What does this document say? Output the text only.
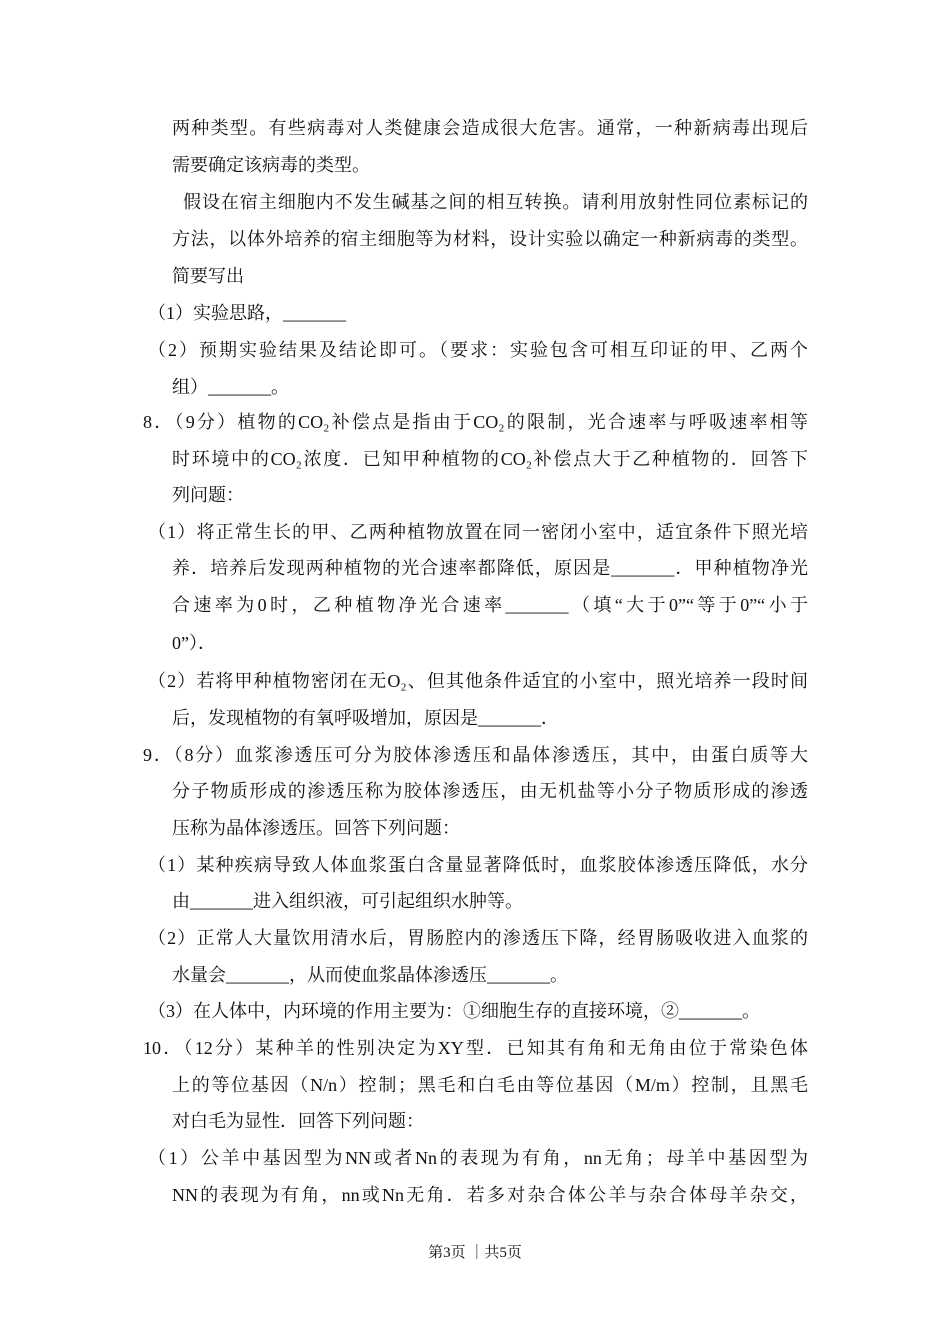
两种类型。有些病毒对人类健康会造成很大危害。通常，一种新病毒出现后
需要确定该病毒的类型。
假设在宿主细胞内不发生碱基之间的相互转换。请利用放射性同位素标记的
方法，以体外培养的宿主细胞等为材料，设计实验以确定一种新病毒的类型。
简要写出
（1）实验思路，_______
（2）预期实验结果及结论即可。（要求：实验包含可相互印证的甲、乙两个
组）_______。
8．（9分）植物的CO₂补偿点是指由于CO₂的限制，光合速率与呼吸速率相等
时环境中的CO₂浓度．已知甲种植物的CO₂补偿点大于乙种植物的．回答下
列问题：
（1）将正常生长的甲、乙两种植物放置在同一密闭小室中，适宜条件下照光培
养．培养后发现两种植物的光合速率都降低，原因是_______．甲种植物净光
合速率为0时，乙种植物净光合速率_______（填“大于0”“等于0”“小于
0”）．
（2）若将甲种植物密闭在无O₂、但其他条件适宜的小室中，照光培养一段时间
后，发现植物的有氧呼吸增加，原因是_______．
9．（8分）血浆渗透压可分为胶体渗透压和晶体渗透压，其中，由蛋白质等大
分子物质形成的渗透压称为胶体渗透压，由无机盐等小分子物质形成的渗透
压称为晶体渗透压。回答下列问题：
（1）某种疾病导致人体血浆蛋白含量显著降低时，血浆胶体渗透压降低，水分
由_______进入组织液，可引起组织水肿等。
（2）正常人大量饮用清水后，胃肠腔内的渗透压下降，经胃肠吸收进入血浆的
水量会_______，从而使血浆晶体渗透压_______。
（3）在人体中，内环境的作用主要为：①细胞生存的直接环境，②_______。
10．（12分）某种羊的性别决定为XY型．已知其有角和无角由位于常染色体
上的等位基因（N/n）控制；黑毛和白毛由等位基因（M/m）控制，且黑毛
对白毛为显性．回答下列问题：
（1）公羊中基因型为NN或者Nn的表现为有角，nn无角；母羊中基因型为
NN的表现为有角，nn或Nn无角．若多对杂合体公羊与杂合体母羊杂交，
第3页 ｜共5页
